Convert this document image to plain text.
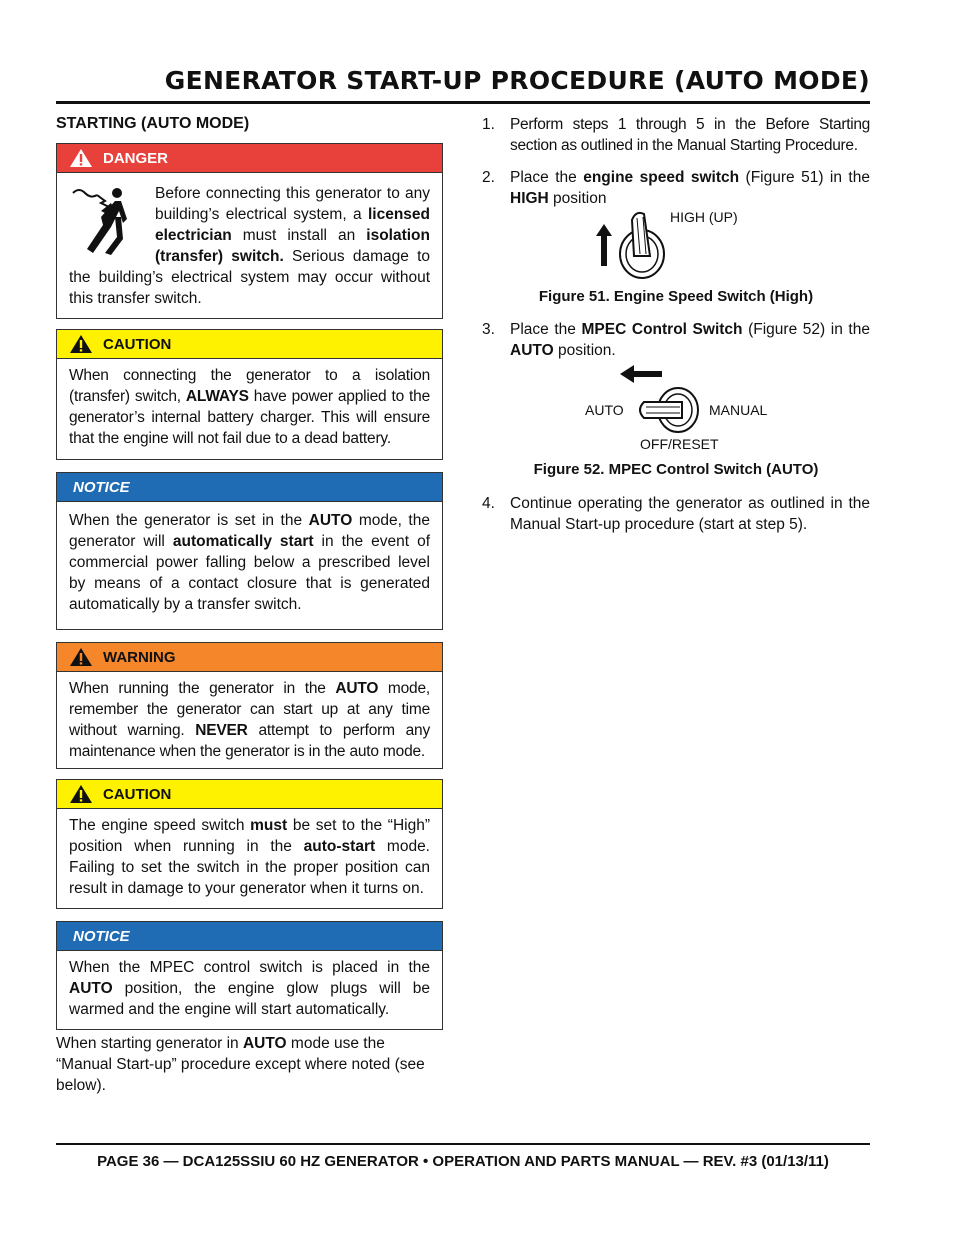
GENERATOR START-UP PROCEDURE (AUTO MODE)
STARTING (AUTO MODE)
DANGER
Before connecting this generator to any building’s electrical system, a licensed electrician must install an isolation (transfer) switch. Serious damage to the building’s electrical system may occur without this transfer switch.
CAUTION
When connecting the generator to a isolation (transfer) switch, ALWAYS have power applied to the generator’s internal battery charger. This will ensure that the engine will not fail due to a dead battery.
NOTICE
When the generator is set in the AUTO mode, the generator will automatically start in the event of commercial power falling below a prescribed level by means of a contact closure that is generated automatically by a transfer switch.
WARNING
When running the generator in the AUTO mode, remember the generator can start up at any time without warning. NEVER attempt to perform any maintenance when the generator is in the auto mode.
CAUTION
The engine speed switch must be set to the “High” position when running in the auto-start mode. Failing to set the switch in the proper position can result in damage to your generator when it turns on.
NOTICE
When the MPEC control switch is placed in the AUTO position, the engine glow plugs will be warmed and the engine will start automatically.
When starting generator in AUTO mode use the “Manual Start-up” procedure except where noted (see below).
1. Perform steps 1 through 5 in the Before Starting section as outlined in the Manual Starting Procedure.
2. Place the engine speed switch (Figure 51) in the HIGH position
HIGH (UP)
Figure 51. Engine Speed Switch (High)
3. Place the MPEC Control Switch (Figure 52) in the AUTO position.
AUTO	MANUAL
OFF/RESET
Figure 52. MPEC Control Switch (AUTO)
4. Continue operating the generator as outlined in the Manual Start-up procedure (start at step 5).
PAGE 36 — DCA125SSIU 60 HZ GENERATOR • OPERATION AND PARTS MANUAL — REV. #3 (01/13/11)
